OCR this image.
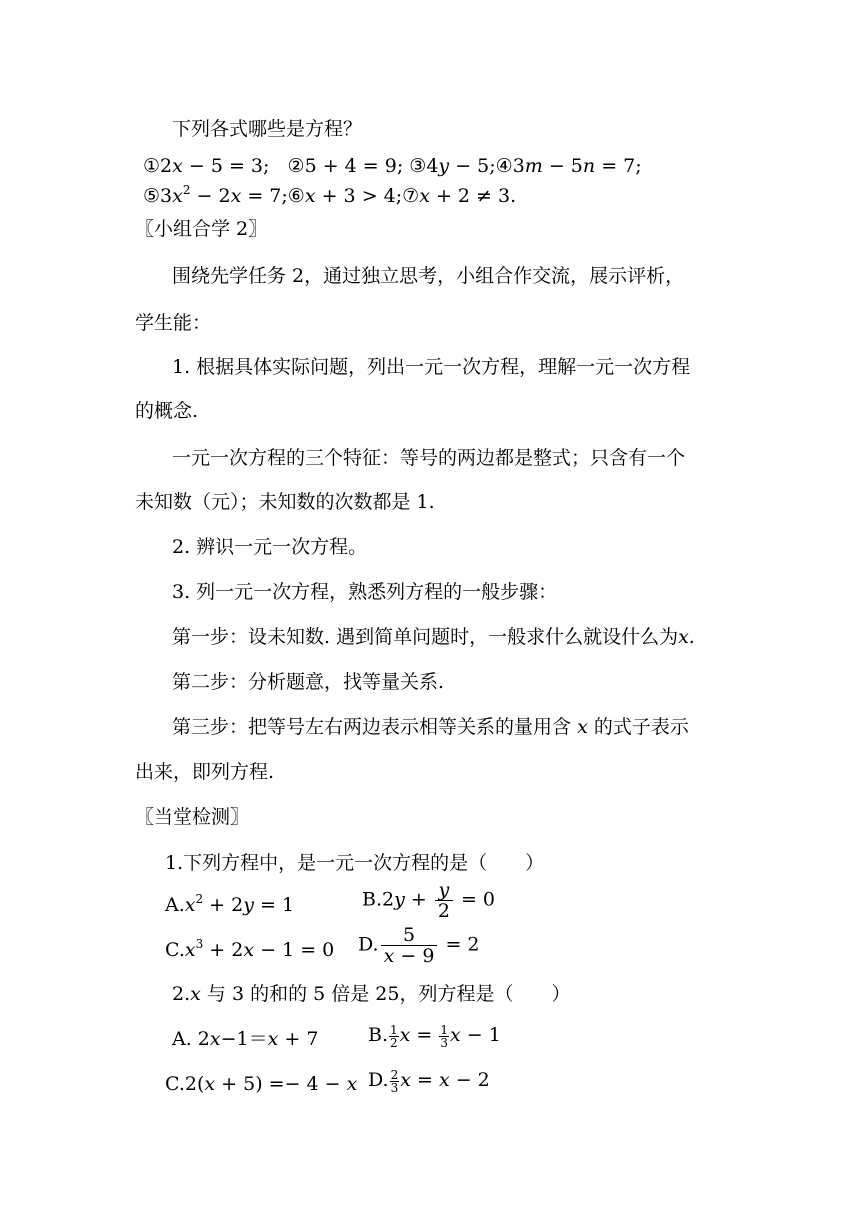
下列各式哪些是方程？
①2x − 5 = 3; ②5 + 4 = 9; ③4y − 5;④3m − 5n = 7;
$⑤3x^2 - 2x$ = 7;⑥x + 3 > 4;⑦x + 2 ≠ 3.
〖小组合学 2〗
围绕先学任务 2，通过独立思考，小组合作交流，展示评析，
学生能：
1. 根据具体实际问题，列出一元一次方程，理解一元一次方程
的概念.
一元一次方程的三个特征：等号的两边都是整式；只含有一个
未知数（元）；未知数的次数都是 1.
2. 辨识一元一次方程。
3. 列一元一次方程，熟悉列方程的一般步骤：
第一步：设未知数. 遇到简单问题时，一般求什么就设什么为x.
第二步：分析题意，找等量关系.
第三步：把等号左右两边表示相等关系的量用含 x 的式子表示
出来，即列方程.
〖当堂检测〗
1.下列方程中，是一元一次方程的是（　　）
$A.x^2 + 2y = 1$	$B.2y + \frac{y}{2} = 0$
$C.x^3 + 2x - 1 = 0$ D. $\frac{5}{x - 9} = 2$
2.x 与 3 的和的 5 倍是 25，列方程是（　　）
A. 2x−1＝x + 7	B. $\frac{1}{2}$ $x = \frac{1}{3}$ x − 1
C.2(x + 5) =− 4 − x D. $\frac{2}{3}$ x = x − 2
